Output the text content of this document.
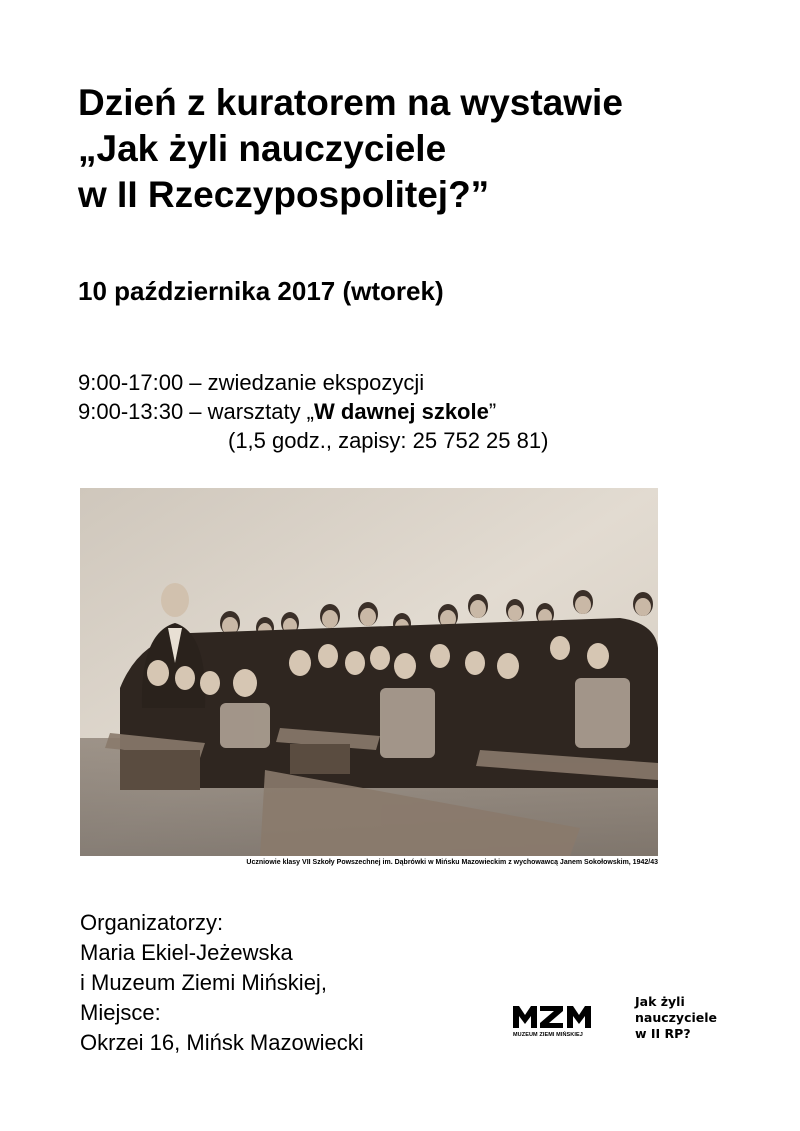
Dzień z kuratorem na wystawie
„Jak żyli nauczyciele
w II Rzeczypospolitej?”
10 października 2017 (wtorek)
9:00-17:00 – zwiedzanie ekspozycji
9:00-13:30 – warsztaty „W dawnej szkole”
(1,5 godz., zapisy: 25 752 25 81)
Uczniowie klasy VII Szkoły Powszechnej im. Dąbrówki w Mińsku Mazowieckim z wychowawcą Janem Sokołowskim, 1942/43
Organizatorzy:
Maria Ekiel-Jeżewska
i Muzeum Ziemi Mińskiej,
Miejsce:
Okrzei 16, Mińsk Mazowiecki	MUZEUM ZIEMI MIŃSKIEJ
Jak żyli
nauczyciele
w II RP?
